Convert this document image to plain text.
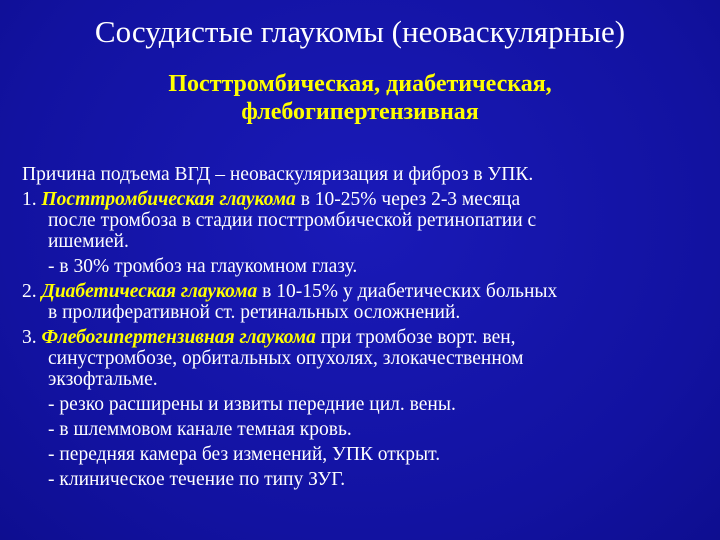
Сосудистые глаукомы (неоваскулярные)
Посттромбическая, диабетическая,
флебогипертензивная
Причина подъема ВГД – неоваскуляризация и фиброз в УПК.
1. Посттромбическая глаукома в 10-25% через 2-3 месяца
после тромбоза в стадии посттромбической ретинопатии с
ишемией.
- в 30% тромбоз на глаукомном глазу.
2. Диабетическая глаукома в 10-15% у диабетических больных
в пролиферативной ст. ретинальных осложнений.
3. Флебогипертензивная глаукома при тромбозе ворт. вен,
синустромбозе, орбитальных опухолях, злокачественном
экзофтальме.
- резко расширены и извиты передние цил. вены.
- в шлеммовом канале темная кровь.
- передняя камера без изменений, УПК открыт.
- клиническое течение по типу ЗУГ.
